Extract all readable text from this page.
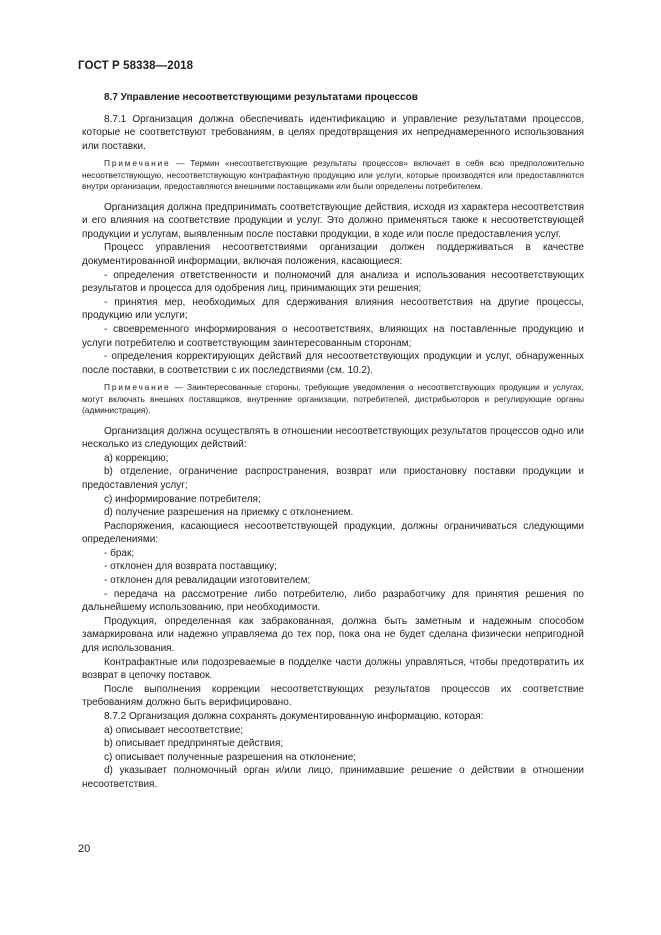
ГОСТ Р 58338—2018

8.7 Управление несоответствующими результатами процессов

8.7.1 Организация должна обеспечивать идентификацию и управление результатами процессов, которые не соответствуют требованиям, в целях предотвращения их непреднамеренного использования или поставки.

Примечание — Термин «несоответствующие результаты процессов» включает в себя всю предположительно несоответствующую, несоответствующую контрафактную продукцию или услуги, которые производятся или предоставляются внутри организации, предоставляются внешними поставщиками или были определены потребителем.

Организация должна предпринимать соответствующие действия, исходя из характера несоответствия и его влияния на соответствие продукции и услуг. Это должно применяться также к несоответствующей продукции и услугам, выявленным после поставки продукции, в ходе или после предоставления услуг.

Процесс управления несоответствиями организации должен поддерживаться в качестве документированной информации, включая положения, касающиеся:

- определения ответственности и полномочий для анализа и использования несоответствующих результатов и процесса для одобрения лиц, принимающих эти решения;

- принятия мер, необходимых для сдерживания влияния несоответствия на другие процессы, продукцию или услуги;

- своевременного информирования о несоответствиях, влияющих на поставленные продукцию и услуги потребителю и соответствующим заинтересованным сторонам;

- определения корректирующих действий для несоответствующих продукции и услуг, обнаруженных после поставки, в соответствии с их последствиями (см. 10.2).

Примечание — Заинтересованные стороны, требующие уведомления о несоответствующих продукции и услугах, могут включать внешних поставщиков, внутренние организации, потребителей, дистрибьюторов и регулирующие органы (администрация).

Организация должна осуществлять в отношении несоответствующих результатов процессов одно или несколько из следующих действий:

a) коррекцию;

b) отделение, ограничение распространения, возврат или приостановку поставки продукции и предоставления услуг;

c) информирование потребителя;

d) получение разрешения на приемку с отклонением.

Распоряжения, касающиеся несоответствующей продукции, должны ограничиваться следующими определениями:

- брак;

- отклонен для возврата поставщику;

- отклонен для ревалидации изготовителем;

- передача на рассмотрение либо потребителю, либо разработчику для принятия решения по дальнейшему использованию, при необходимости.

Продукция, определенная как забракованная, должна быть заметным и надежным способом замаркирована или надежно управляема до тех пор, пока она не будет сделана физически непригодной для использования.

Контрафактные или подозреваемые в подделке части должны управляться, чтобы предотвратить их возврат в цепочку поставок.

После выполнения коррекции несоответствующих результатов процессов их соответствие требованиям должно быть верифицировано.

8.7.2 Организация должна сохранять документированную информацию, которая:

a) описывает несоответствие;

b) описывает предпринятые действия;

c) описывает полученные разрешения на отклонение;

d) указывает полномочный орган и/или лицо, принимавшие решение о действии в отношении несоответствия.

20
